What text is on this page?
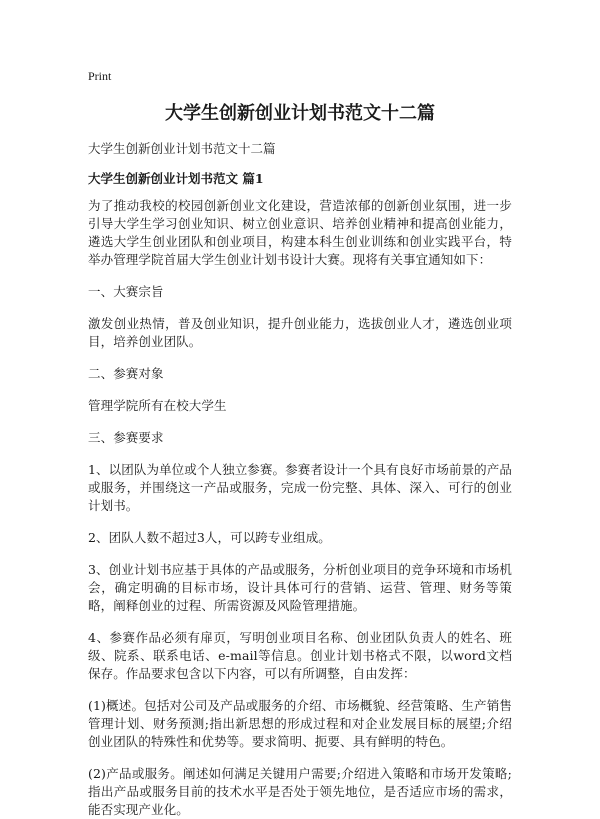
Print
大学生创新创业计划书范文十二篇
大学生创新创业计划书范文十二篇
大学生创新创业计划书范文 篇1

为了推动我校的校园创新创业文化建设，营造浓郁的创新创业氛围，进一步引导大学生学习创业知识、树立创业意识、培养创业精神和提高创业能力，遴选大学生创业团队和创业项目，构建本科生创业训练和创业实践平台，特举办管理学院首届大学生创业计划书设计大赛。现将有关事宜通知如下：

一、大赛宗旨

激发创业热情，普及创业知识，提升创业能力，选拔创业人才，遴选创业项目，培养创业团队。

二、参赛对象

管理学院所有在校大学生

三、参赛要求

1、以团队为单位或个人独立参赛。参赛者设计一个具有良好市场前景的产品或服务，并围绕这一产品或服务，完成一份完整、具体、深入、可行的创业计划书。

2、团队人数不超过3人，可以跨专业组成。

3、创业计划书应基于具体的产品或服务，分析创业项目的竞争环境和市场机会，确定明确的目标市场，设计具体可行的营销、运营、管理、财务等策略，阐释创业的过程、所需资源及风险管理措施。

4、参赛作品必须有扉页，写明创业项目名称、创业团队负责人的姓名、班级、院系、联系电话、e-mail等信息。创业计划书格式不限，以word文档保存。作品要求包含以下内容，可以有所调整，自由发挥：

(1)概述。包括对公司及产品或服务的介绍、市场概貌、经营策略、生产销售管理计划、财务预测;指出新思想的形成过程和对企业发展目标的展望;介绍创业团队的特殊性和优势等。要求简明、扼要、具有鲜明的特色。

(2)产品或服务。阐述如何满足关键用户需要;介绍进入策略和市场开发策略;指出产品或服务目前的技术水平是否处于领先地位，是否适应市场的需求，能否实现产业化。
